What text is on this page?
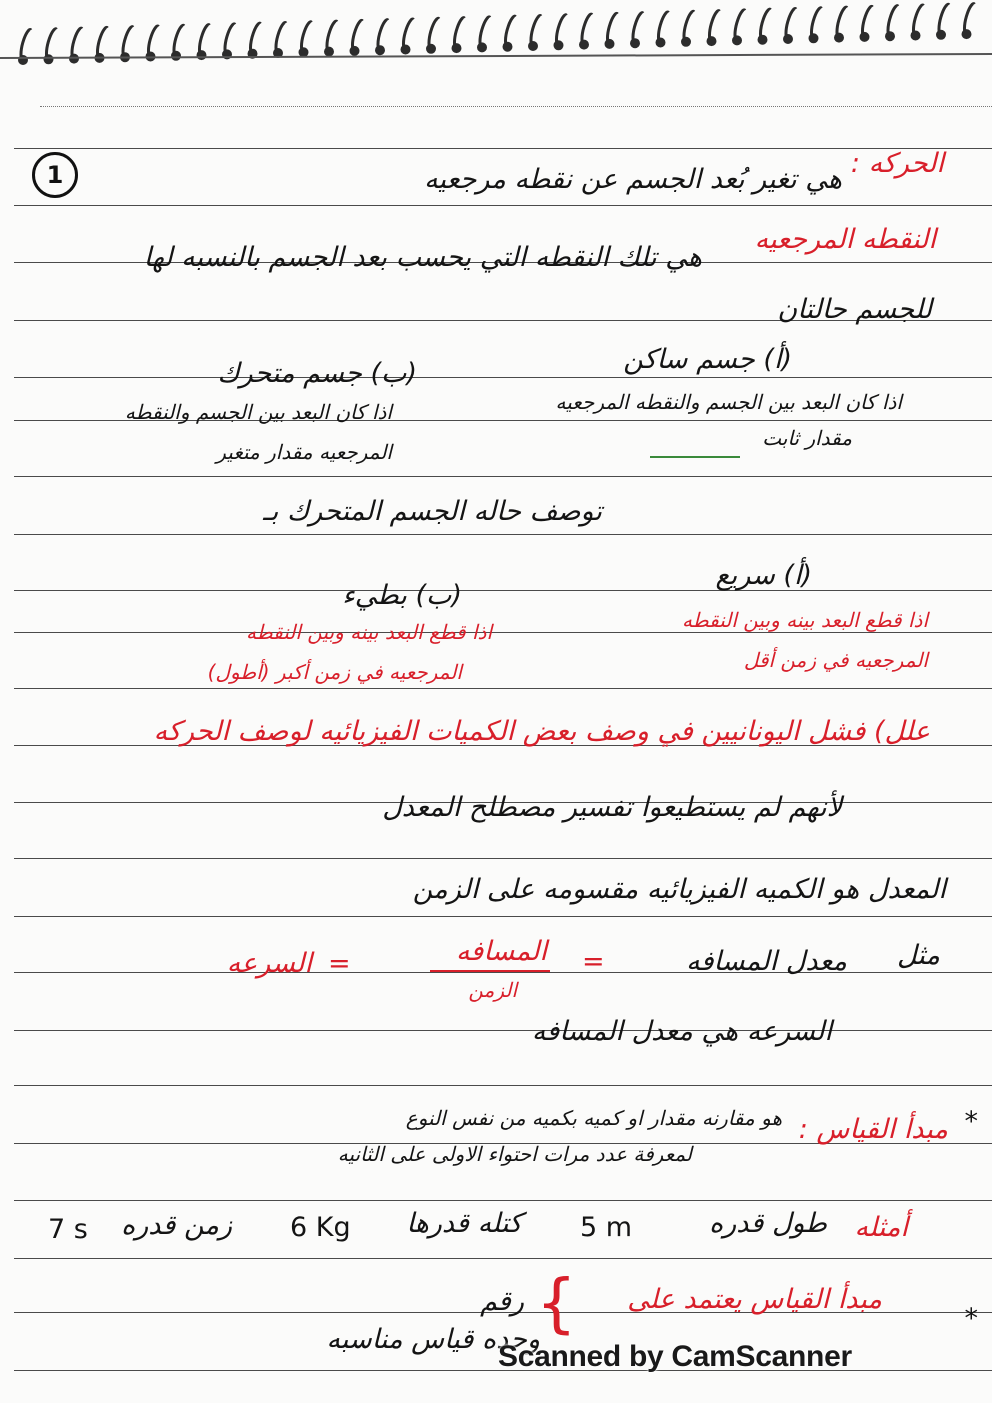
1	الحركه :
هي تغير بُعد الجسم عن نقطه مرجعيه
النقطه المرجعيه
هي تلك النقطه التي يحسب بعد الجسم بالنسبه لها
للجسم حالتان
(أ) جسم ساكن
(ب) جسم متحرك
اذا كان البعد بين الجسم والنقطه المرجعيه
مقدار ثابت
اذا كان البعد بين الجسم والنقطه
المرجعيه مقدار متغير
توصف حاله الجسم المتحرك بـ
(أ) سريع
(ب) بطيء
اذا قطع البعد بينه وبين النقطه
المرجعيه في زمن أقل
اذا قطع البعد بينه وبين النقطه
المرجعيه في زمن أكبر (أطول)
علل) فشل اليونانيين في وصف بعض الكميات الفيزيائيه لوصف الحركه
لأنهم لم يستطيعوا تفسير مصطلح المعدل
المعدل هو الكميه الفيزيائيه مقسومه على الزمن
مثل
معدل المسافه
=
المسافه
الزمن
=
السرعه
السرعه هي معدل المسافه
*
مبدأ القياس :
هو مقارنه مقدار او كميه بكميه من نفس النوع
لمعرفة عدد مرات احتواء الاولى على الثانيه
أمثله
طول قدره
5 m
كتله قدرها
6 Kg
زمن قدره
7 s
*
مبدأ القياس يعتمد على
{
رقم
وحده قياس مناسبه
Scanned by CamScanner
